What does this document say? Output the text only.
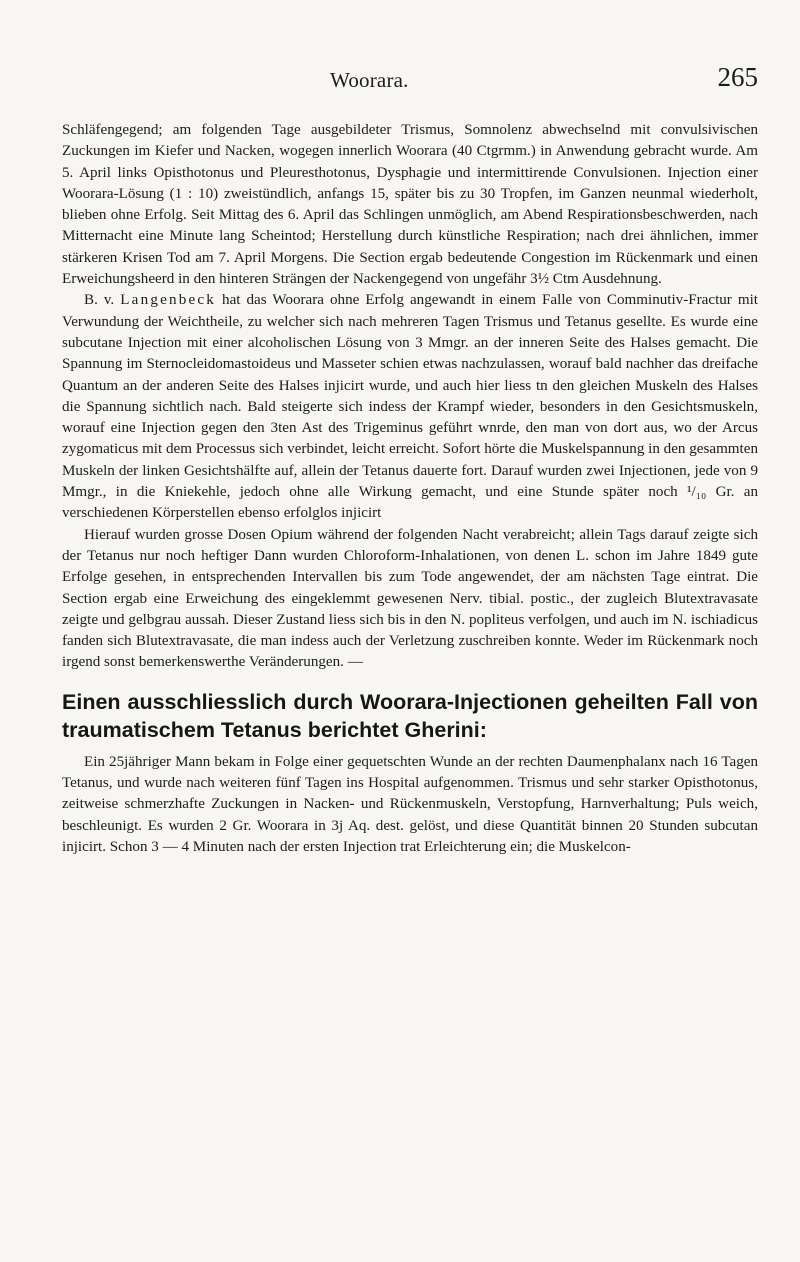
Woorara.	265

Schläfengegend; am folgenden Tage ausgebildeter Trismus, Somnolenz abwechselnd mit convulsivischen Zuckungen im Kiefer und Nacken, wogegen innerlich Woorara (40 Ctgrmm.) in Anwendung gebracht wurde. Am 5. April links Opisthotonus und Pleuresthotonus, Dysphagie und intermittirende Convulsionen. Injection einer Woorara-Lösung (1 : 10) zweistündlich, anfangs 15, später bis zu 30 Tropfen, im Ganzen neunmal wiederholt, blieben ohne Erfolg. Seit Mittag des 6. April das Schlingen unmöglich, am Abend Respirationsbeschwerden, nach Mitternacht eine Minute lang Scheintod; Herstellung durch künstliche Respiration; nach drei ähnlichen, immer stärkeren Krisen Tod am 7. April Morgens. Die Section ergab bedeutende Congestion im Rückenmark und einen Erweichungsheerd in den hinteren Strängen der Nackengegend von ungefähr 3½ Ctm Ausdehnung.

B. v. Langenbeck hat das Woorara ohne Erfolg angewandt in einem Falle von Comminutiv-Fractur mit Verwundung der Weichtheile, zu welcher sich nach mehreren Tagen Trismus und Tetanus gesellte. Es wurde eine subcutane Injection mit einer alcoholischen Lösung von 3 Mmgr. an der inneren Seite des Halses gemacht. Die Spannung im Sternocleidomastoideus und Masseter schien etwas nachzulassen, worauf bald nachher das dreifache Quantum an der anderen Seite des Halses injicirt wurde, und auch hier liess tn den gleichen Muskeln des Halses die Spannung sichtlich nach. Bald steigerte sich indess der Krampf wieder, besonders in den Gesichtsmuskeln, worauf eine Injection gegen den 3ten Ast des Trigeminus geführt wnrde, den man von dort aus, wo der Arcus zygomaticus mit dem Processus sich verbindet, leicht erreicht. Sofort hörte die Muskelspannung in den gesammten Muskeln der linken Gesichtshälfte auf, allein der Tetanus dauerte fort. Darauf wurden zwei Injectionen, jede von 9 Mmgr., in die Kniekehle, jedoch ohne alle Wirkung gemacht, und eine Stunde später noch ¹/₁₀ Gr. an verschiedenen Körperstellen ebenso erfolglos injicirt

Hierauf wurden grosse Dosen Opium während der folgenden Nacht verabreicht; allein Tags darauf zeigte sich der Tetanus nur noch heftiger Dann wurden Chloroform-Inhalationen, von denen L. schon im Jahre 1849 gute Erfolge gesehen, in entsprechenden Intervallen bis zum Tode angewendet, der am nächsten Tage eintrat. Die Section ergab eine Erweichung des eingeklemmt gewesenen Nerv. tibial. postic., der zugleich Blutextravasate zeigte und gelbgrau aussah. Dieser Zustand liess sich bis in den N. popliteus verfolgen, und auch im N. ischiadicus fanden sich Blutextravasate, die man indess auch der Verletzung zuschreiben konnte. Weder im Rückenmark noch irgend sonst bemerkenswerthe Veränderungen. —

Einen ausschliesslich durch Woorara-Injectionen geheilten Fall von traumatischem Tetanus berichtet Gherini:

Ein 25jähriger Mann bekam in Folge einer gequetschten Wunde an der rechten Daumenphalanx nach 16 Tagen Tetanus, und wurde nach weiteren fünf Tagen ins Hospital aufgenommen. Trismus und sehr starker Opisthotonus, zeitweise schmerzhafte Zuckungen in Nacken- und Rückenmuskeln, Verstopfung, Harnverhaltung; Puls weich, beschleunigt. Es wurden 2 Gr. Woorara in 3j Aq. dest. gelöst, und diese Quantität binnen 20 Stunden subcutan injicirt. Schon 3 — 4 Minuten nach der ersten Injection trat Erleichterung ein; die Muskelcon-
